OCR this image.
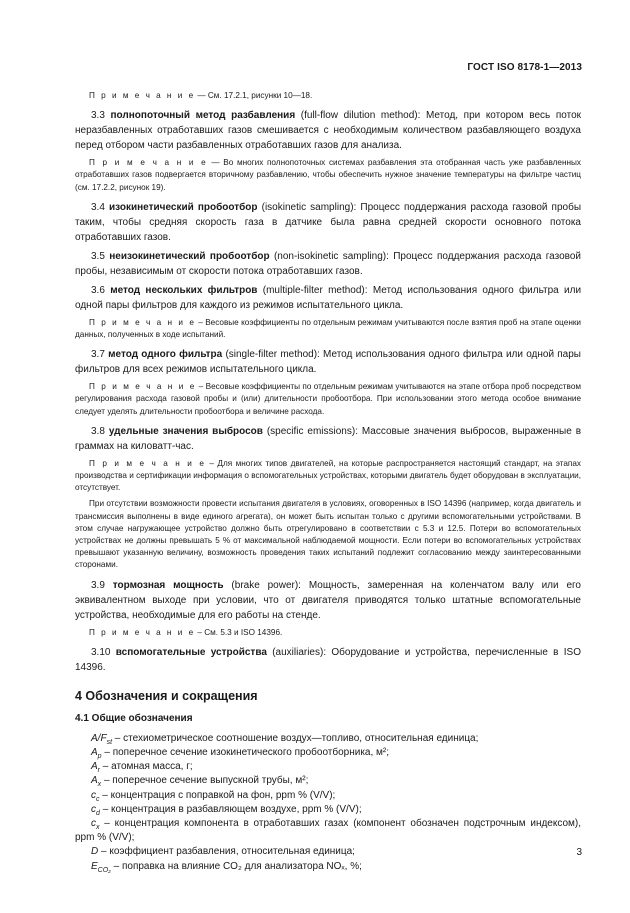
ГОСТ ISO 8178-1—2013

П р и м е ч а н и е — См. 17.2.1, рисунки 10—18.

3.3 полнопоточный метод разбавления (full-flow dilution method): Метод, при котором весь поток неразбавленных отработавших газов смешивается с необходимым количеством разбавляющего воздуха перед отбором части разбавленных отработавших газов для анализа.

П р и м е ч а н и е — Во многих полнопоточных системах разбавления эта отобранная часть уже разбавленных отработавших газов подвергается вторичному разбавлению, чтобы обеспечить нужное значение температуры на фильтре частиц (см. 17.2.2, рисунок 19).

3.4 изокинетический пробоотбор (isokinetic sampling): Процесс поддержания расхода газовой пробы таким, чтобы средняя скорость газа в датчике была равна средней скорости основного потока отработавших газов.

3.5 неизокинетический пробоотбор (non-isokinetic sampling): Процесс поддержания расхода газовой пробы, независимым от скорости потока отработавших газов.

3.6 метод нескольких фильтров (multiple-filter method): Метод использования одного фильтра или одной пары фильтров для каждого из режимов испытательного цикла.

П р и м е ч а н и е – Весовые коэффициенты по отдельным режимам учитываются после взятия проб на этапе оценки данных, полученных в ходе испытаний.

3.7 метод одного фильтра (single-filter method): Метод использования одного фильтра или одной пары фильтров для всех режимов испытательного цикла.

П р и м е ч а н и е – Весовые коэффициенты по отдельным режимам учитываются на этапе отбора проб посредством регулирования расхода газовой пробы и (или) длительности пробоотбора. При использовании этого метода особое внимание следует уделять длительности пробоотбора и величине расхода.

3.8 удельные значения выбросов (specific emissions): Массовые значения выбросов, выраженные в граммах на киловатт-час.

П р и м е ч а н и е – Для многих типов двигателей, на которые распространяется настоящий стандарт, на этапах производства и сертификации информация о вспомогательных устройствах, которыми двигатель будет оборудован в эксплуатации, отсутствует.

При отсутствии возможности провести испытания двигателя в условиях, оговоренных в ISO 14396 (например, когда двигатель и трансмиссия выполнены в виде единого агрегата), он может быть испытан только с другими вспомогательными устройствами. В этом случае нагружающее устройство должно быть отрегулировано в соответствии с 5.3 и 12.5. Потери во вспомогательных устройствах не должны превышать 5 % от максимальной наблюдаемой мощности. Если потери во вспомогательных устройствах превышают указанную величину, возможность проведения таких испытаний подлежит согласованию между заинтересованными сторонами.

3.9 тормозная мощность (brake power): Мощность, замеренная на коленчатом валу или его эквивалентном выходе при условии, что от двигателя приводятся только штатные вспомогательные устройства, необходимые для его работы на стенде.

П р и м е ч а н и е – См. 5.3 и ISO 14396.

3.10 вспомогательные устройства (auxiliaries): Оборудование и устройства, перечисленные в ISO 14396.

4 Обозначения и сокращения
4.1 Общие обозначения

$A/F_{st}$ – стехиометрическое соотношение воздух—топливо, относительная единица;

$A_p$ – поперечное сечение изокинетического пробоотборника, м²;

$A_r$ – атомная масса, г;

$A_x$ – поперечное сечение выпускной трубы, м²;

$c_c$ – концентрация с поправкой на фон, ppm % (V/V);

$c_d$ – концентрация в разбавляющем воздухе, ppm % (V/V);

$c_x$ – концентрация компонента в отработавших газах (компонент обозначен подстрочным индексом), ppm % (V/V);

D – коэффициент разбавления, относительная единица;

$E_{CO_2}$ – поправка на влияние CO₂ для анализатора NOₓ, %;

3
